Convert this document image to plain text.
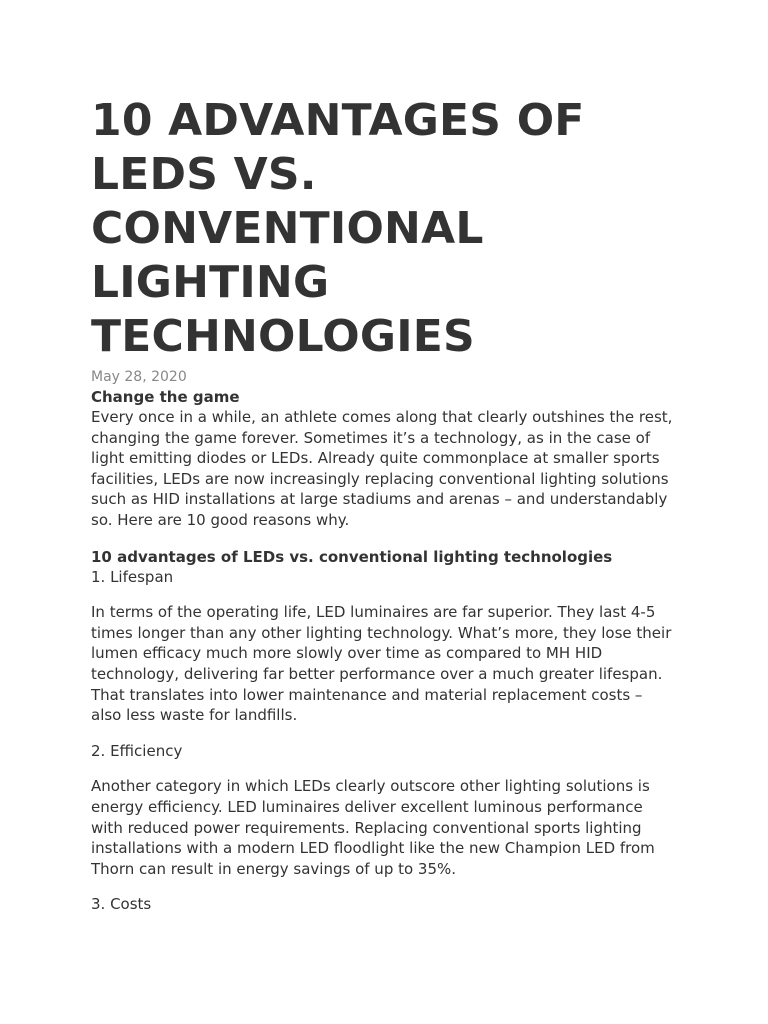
10 ADVANTAGES OF
LEDS VS.
CONVENTIONAL
LIGHTING
TECHNOLOGIES
May 28, 2020
Change the game

Every once in a while, an athlete comes along that clearly outshines the rest,
changing the game forever. Sometimes it’s a technology, as in the case of
light emitting diodes or LEDs. Already quite commonplace at smaller sports
facilities, LEDs are now increasingly replacing conventional lighting solutions
such as HID installations at large stadiums and arenas – and understandably
so. Here are 10 good reasons why.

10 advantages of LEDs vs. conventional lighting technologies
1. Lifespan

In terms of the operating life, LED luminaires are far superior. They last 4-5
times longer than any other lighting technology. What’s more, they lose their
lumen efficacy much more slowly over time as compared to MH HID
technology, delivering far better performance over a much greater lifespan.
That translates into lower maintenance and material replacement costs –
also less waste for landfills.

2. Efficiency

Another category in which LEDs clearly outscore other lighting solutions is
energy efficiency. LED luminaires deliver excellent luminous performance
with reduced power requirements. Replacing conventional sports lighting
installations with a modern LED floodlight like the new Champion LED from
Thorn can result in energy savings of up to 35%.

3. Costs
